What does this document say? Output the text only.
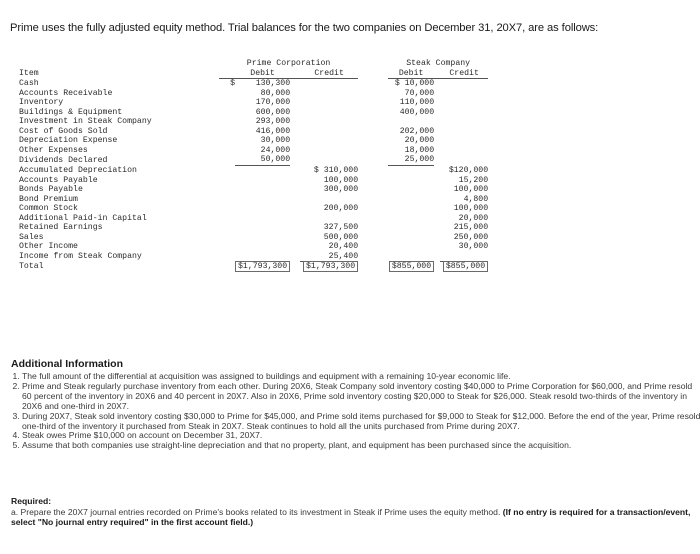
Prime uses the fully adjusted equity method. Trial balances for the two companies on December 31, 20X7, are as follows:
	Prime Corporation					Steak Company		
Item		Debit		Credit		Debit		Credit
Cash	$	130,300				$ 10,000		
Accounts Receivable		80,000				70,000		
Inventory		170,000				110,000		
Buildings & Equipment		600,000				400,000		
Investment in Steak Company		293,000						
Cost of Goods Sold		416,000				202,000		
Depreciation Expense		30,000				20,000		
Other Expenses		24,000				18,000		
Dividends Declared		50,000				25,000		
Accumulated Depreciation				$ 310,000				$120,000
Accounts Payable				100,000				15,200
Bonds Payable				300,000				100,000
Bond Premium								4,800
Common Stock				200,000				100,000
Additional Paid-in Capital								20,000
Retained Earnings				327,500				215,000
Sales				500,000				250,000
Other Income				20,400				30,000
Income from Steak Company				25,400				
Total		$1,793,300		$1,793,300		$855,000		$855,000
Additional Information
1. The full amount of the differential at acquisition was assigned to buildings and equipment with a remaining 10-year economic life.
2. Prime and Steak regularly purchase inventory from each other. During 20X6, Steak Company sold inventory costing $40,000 to Prime Corporation for $60,000, and Prime resold 60 percent of the inventory in 20X6 and 40 percent in 20X7. Also in 20X6, Prime sold inventory costing $20,000 to Steak for $26,000. Steak resold two-thirds of the inventory in 20X6 and one-third in 20X7.
3. During 20X7, Steak sold inventory costing $30,000 to Prime for $45,000, and Prime sold items purchased for $9,000 to Steak for $12,000. Before the end of the year, Prime resold one-third of the inventory it purchased from Steak in 20X7. Steak continues to hold all the units purchased from Prime during 20X7.
4. Steak owes Prime $10,000 on account on December 31, 20X7.
5. Assume that both companies use straight-line depreciation and that no property, plant, and equipment has been purchased since the acquisition.
Required:
a. Prepare the 20X7 journal entries recorded on Prime's books related to its investment in Steak if Prime uses the equity method. (If no entry is required for a transaction/event, select "No journal entry required" in the first account field.)
